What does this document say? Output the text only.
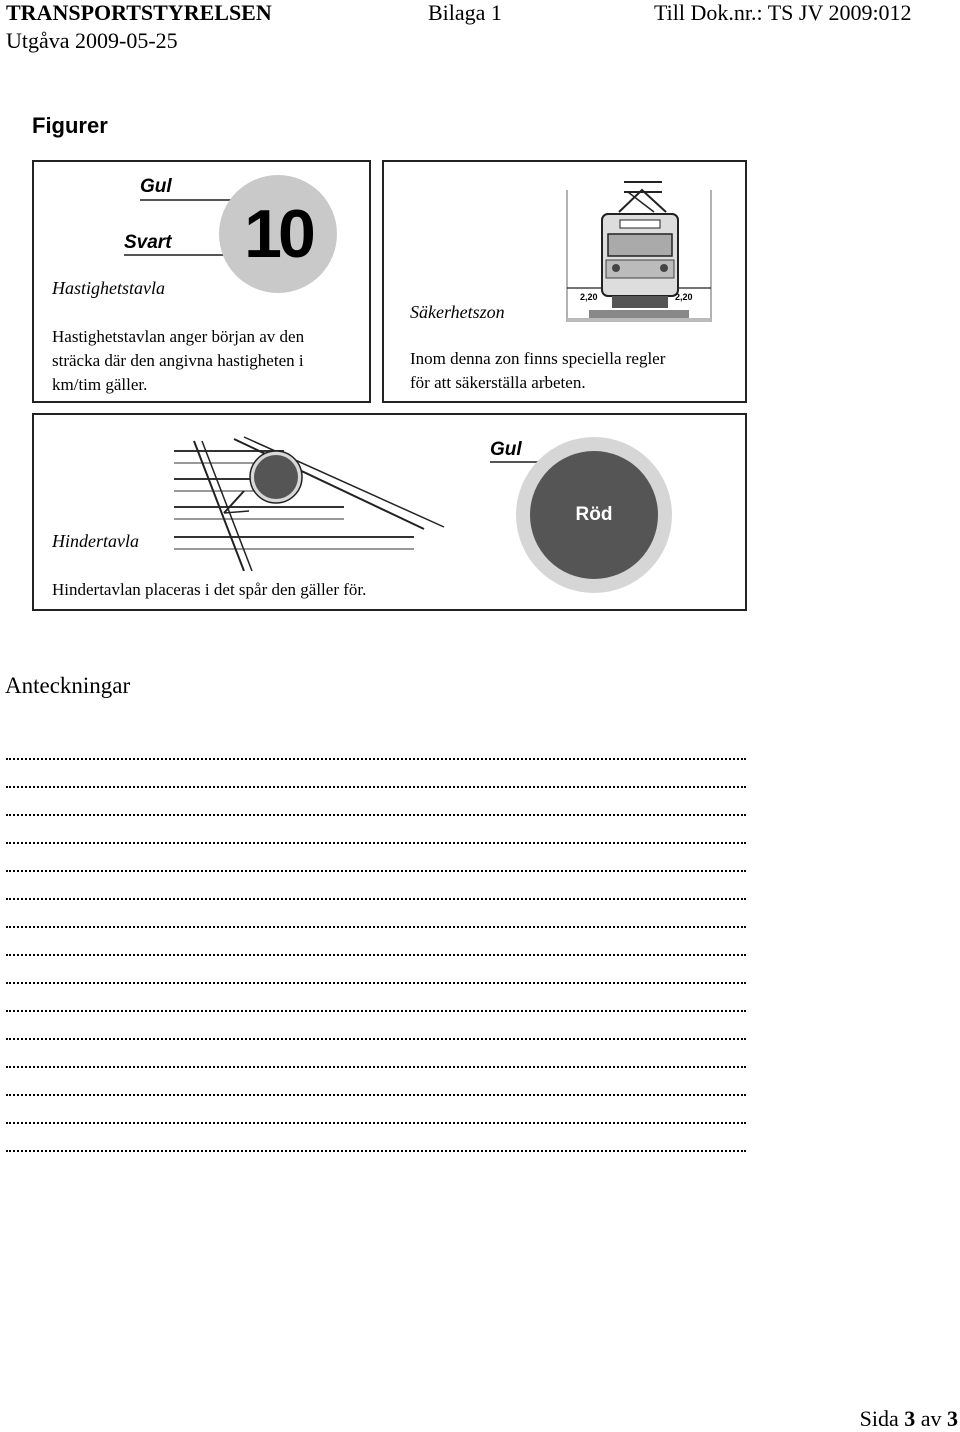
TRANSPORTSTYRELSEN	Bilaga 1	Till Dok.nr.: TS JV 2009:012
Utgåva 2009-05-25
Figurer
Gul
Svart	10
Hastighetstavla
Hastighetstavlan anger början av den
sträcka där den angivna hastigheten i
km/tim gäller.
2,20	2,20
Säkerhetszon
Inom denna zon finns speciella regler
för att säkerställa arbeten.
Gul
Röd
Hindertavla
Hindertavlan placeras i det spår den gäller för.
Anteckningar
Sida 3 av 3
